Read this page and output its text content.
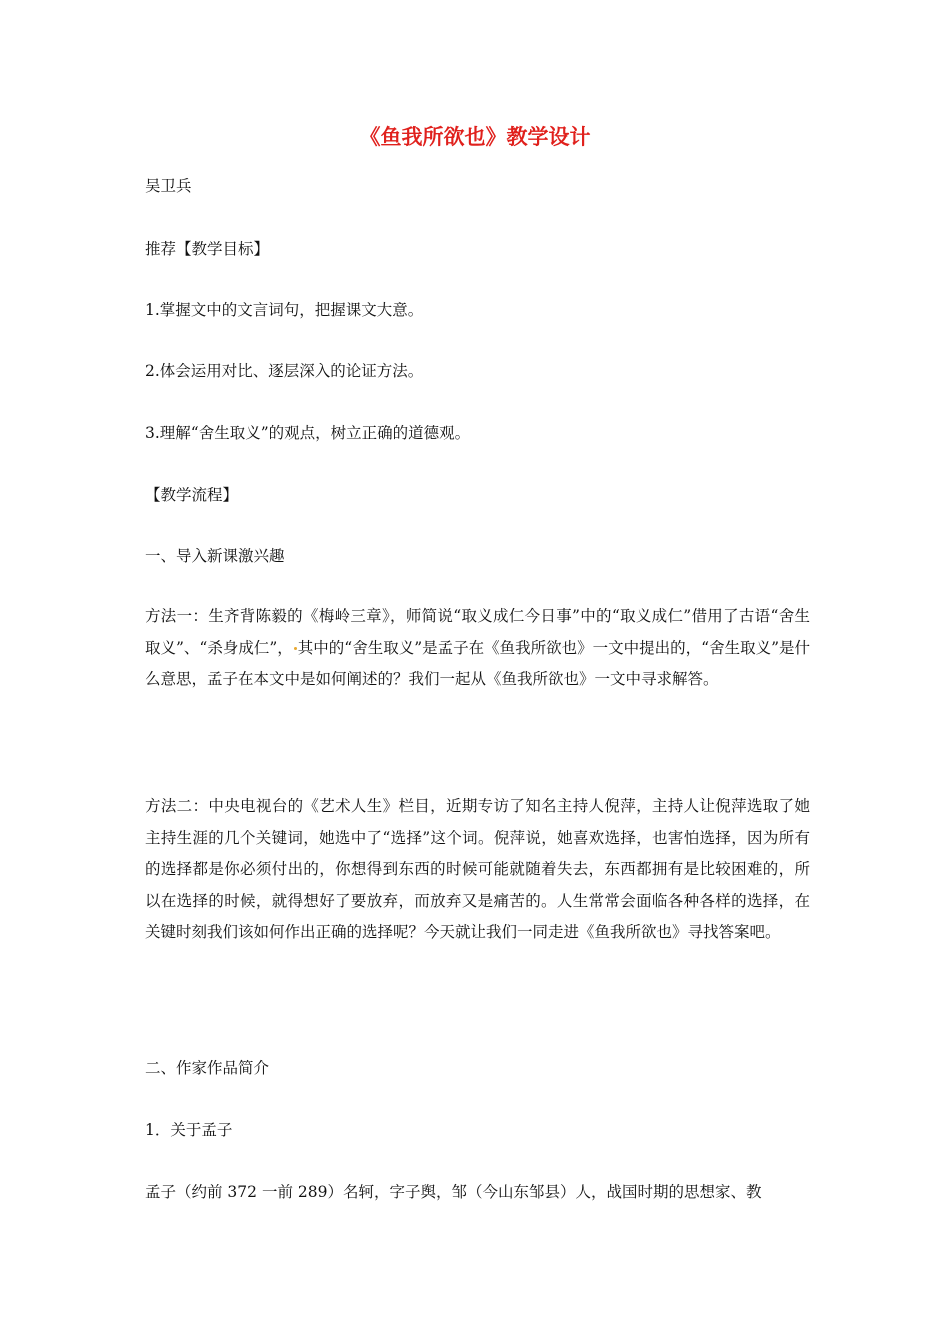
《鱼我所欲也》教学设计

吴卫兵

推荐【教学目标】

1.掌握文中的文言词句，把握课文大意。

2.体会运用对比、逐层深入的论证方法。

3.理解“舍生取义”的观点，树立正确的道德观。

【教学流程】

一、导入新课激兴趣

方法一：生齐背陈毅的《梅岭三章》，师简说“取义成仁今日事”中的“取义成仁”借用了古语“舍生取义”、“杀身成仁”， 其中的“舍生取义”是孟子在《鱼我所欲也》一文中提出的，“舍生取义”是什么意思，孟子在本文中是如何阐述的？我们一起从《鱼我所欲也》一文中寻求解答。

方法二：中央电视台的《艺术人生》栏目，近期专访了知名主持人倪萍，主持人让倪萍选取了她主持生涯的几个关键词，她选中了“选择”这个词。倪萍说，她喜欢选择，也害怕选择，因为所有的选择都是你必须付出的，你想得到东西的时候可能就随着失去，东西都拥有是比较困难的，所以在选择的时候，就得想好了要放弃，而放弃又是痛苦的。人生常常会面临各种各样的选择，在关键时刻我们该如何作出正确的选择呢？今天就让我们一同走进《鱼我所欲也》寻找答案吧。

二、作家作品简介

1．关于孟子

孟子（约前 372 一前 289）名轲，字子舆，邹（今山东邹县）人，战国时期的思想家、教
